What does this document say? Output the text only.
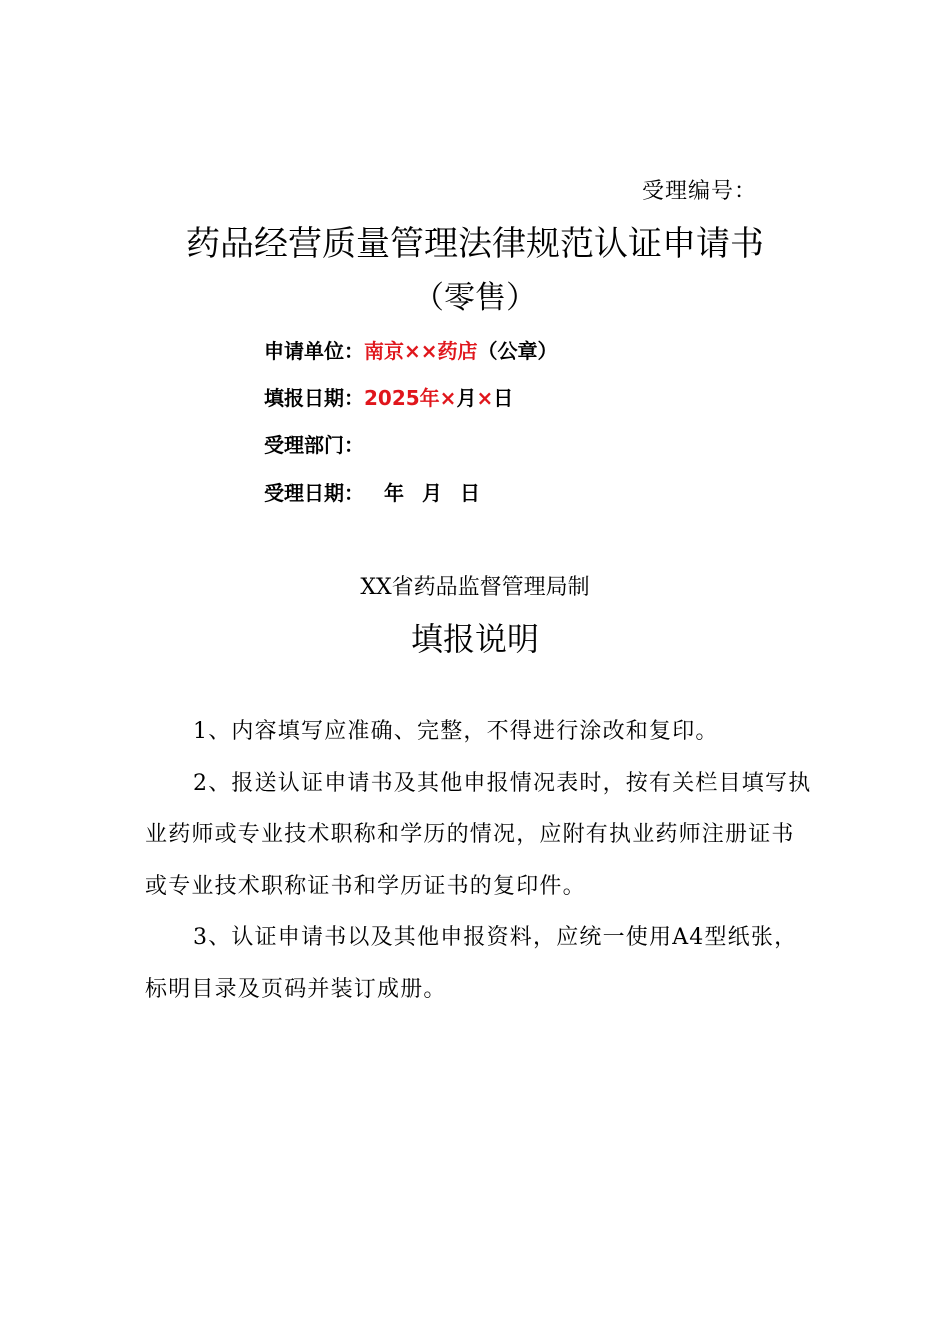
受理编号：
药品经营质量管理法律规范认证申请书
（零售）
申请单位：南京××药店（公章）
填报日期：2025年×月×日
受理部门：
受理日期： 年 月 日
XX省药品监督管理局制
填报说明

1、内容填写应准确、完整，不得进行涂改和复印。

2、报送认证申请书及其他申报情况表时，按有关栏目填写执业药师或专业技术职称和学历的情况，应附有执业药师注册证书或专业技术职称证书和学历证书的复印件。

3、认证申请书以及其他申报资料，应统一使用A4型纸张，标明目录及页码并装订成册。
